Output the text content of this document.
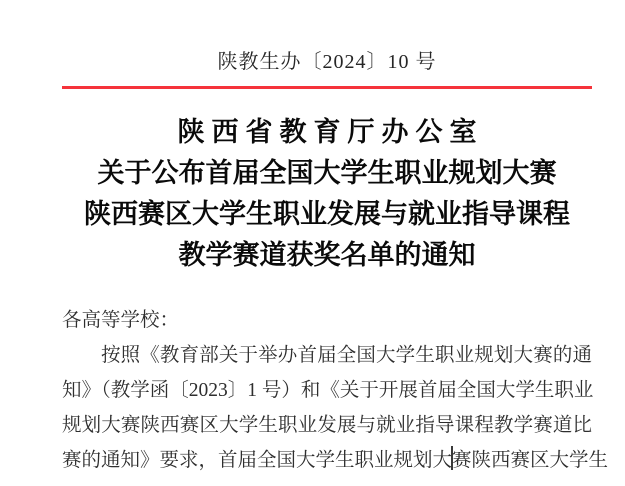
陕教生办〔2024〕10 号
陕西省教育厅办公室
关于公布首届全国大学生职业规划大赛
陕西赛区大学生职业发展与就业指导课程
教学赛道获奖名单的通知
各高等学校：
按照《教育部关于举办首届全国大学生职业规划大赛的通
知》（教学函〔2023〕1 号）和《关于开展首届全国大学生职业
规划大赛陕西赛区大学生职业发展与就业指导课程教学赛道比
赛的通知》要求，首届全国大学生职业规划大赛陕西赛区大学生
